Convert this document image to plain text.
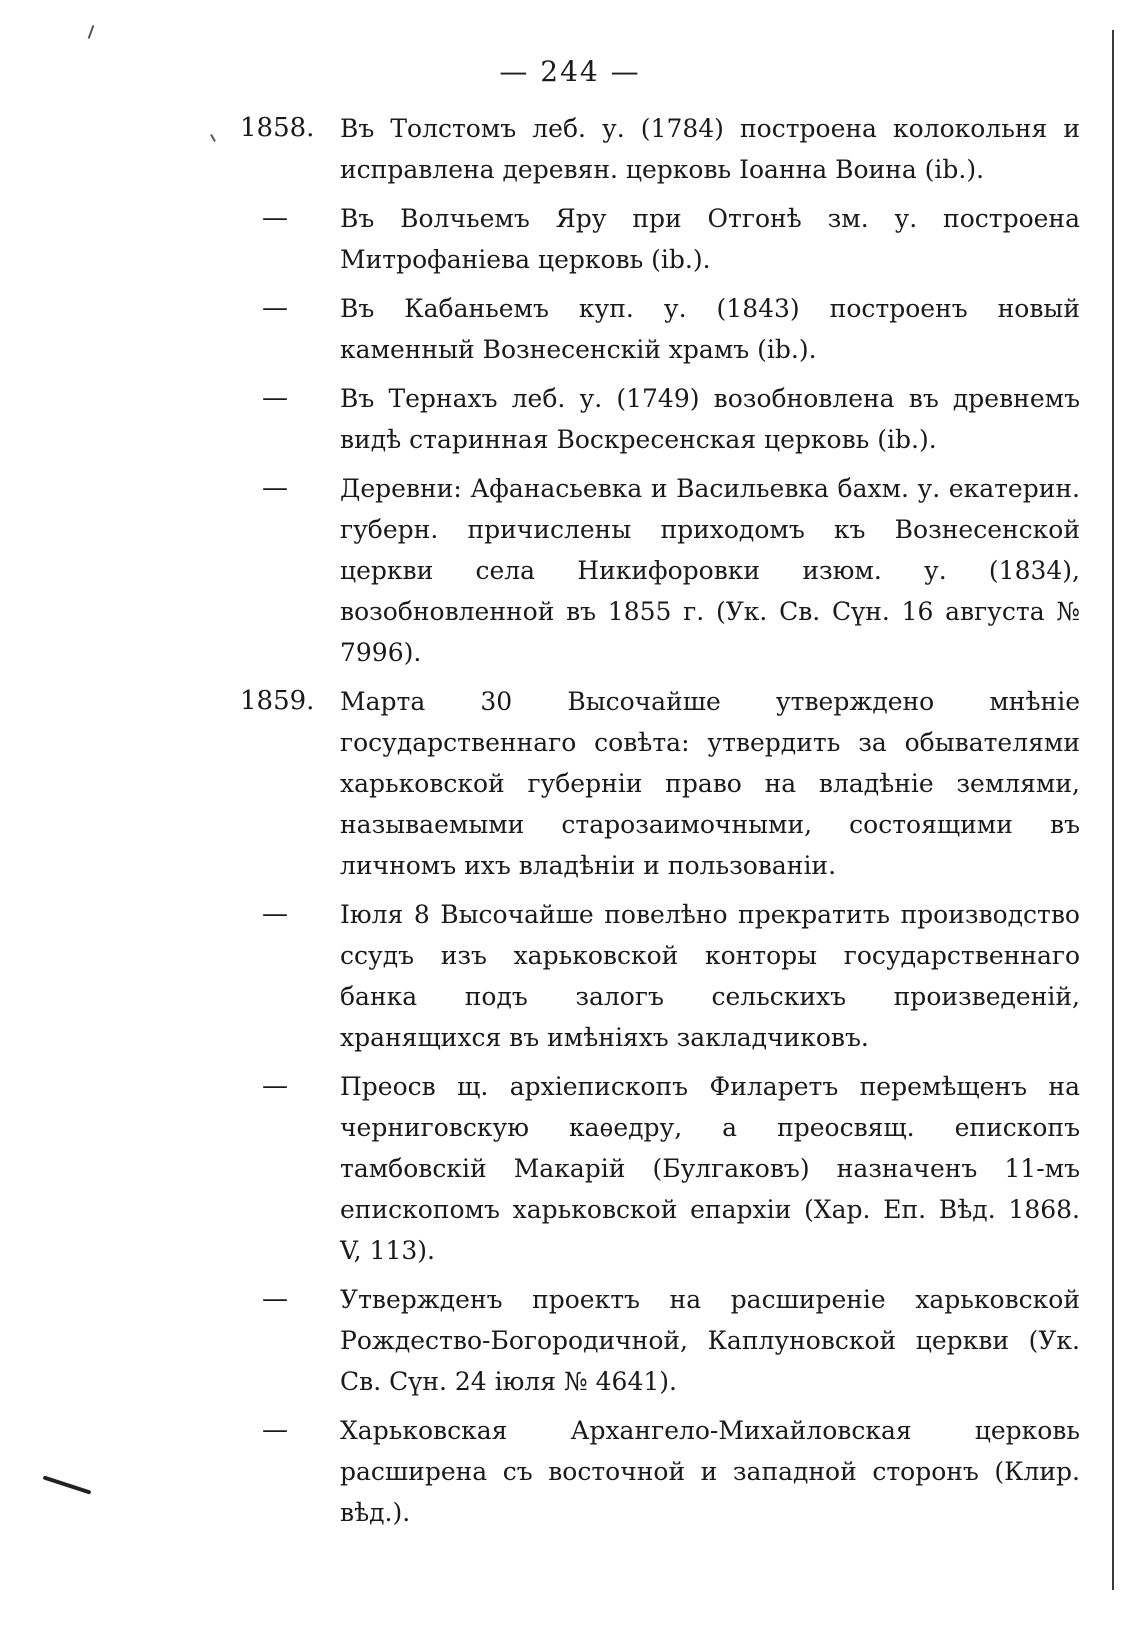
— 244 —
1858.	Въ Толстомъ леб. у. (1784) построена колокольня и исправлена деревян. церковь Іоанна Воина (ib.).
—	Въ Волчьемъ Яру при Отгонѣ зм. у. построена Митрофаніева церковь (ib.).
—	Въ Кабаньемъ куп. у. (1843) построенъ новый каменный Вознесенскій храмъ (ib.).
—	Въ Тернахъ леб. у. (1749) возобновлена въ древнемъ видѣ старинная Воскресенская церковь (ib.).
—	Деревни: Афанасьевка и Васильевка бахм. у. екатерин. губерн. причислены приходомъ къ Вознесенской церкви села Никифоровки изюм. у. (1834), возобновленной въ 1855 г. (Ук. Св. Сүн. 16 августа № 7996).
1859.	Марта 30 Высочайше утверждено мнѣніе государственнаго совѣта: утвердить за обывателями харьковской губерніи право на владѣніе землями, называемыми старозаимочными, состоящими въ личномъ ихъ владѣніи и пользованіи.
—	Іюля 8 Высочайше повелѣно прекратить производство ссудъ изъ харьковской конторы государственнаго банка подъ залогъ сельскихъ произведеній, хранящихся въ имѣніяхъ закладчиковъ.
—	Преосв щ. архіепископъ Филаретъ перемѣщенъ на черниговскую каѳедру, а преосвящ. епископъ тамбовскій Макарій (Булгаковъ) назначенъ 11-мъ епископомъ харьковской епархіи (Хар. Еп. Вѣд. 1868. V, 113).
—	Утвержденъ проектъ на расширеніе харьковской Рождество-Богородичной, Каплуновской церкви (Ук. Св. Сүн. 24 іюля № 4641).
—	Харьковская Архангело-Михайловская церковь расширена съ восточной и западной сторонъ (Клир. вѣд.).
